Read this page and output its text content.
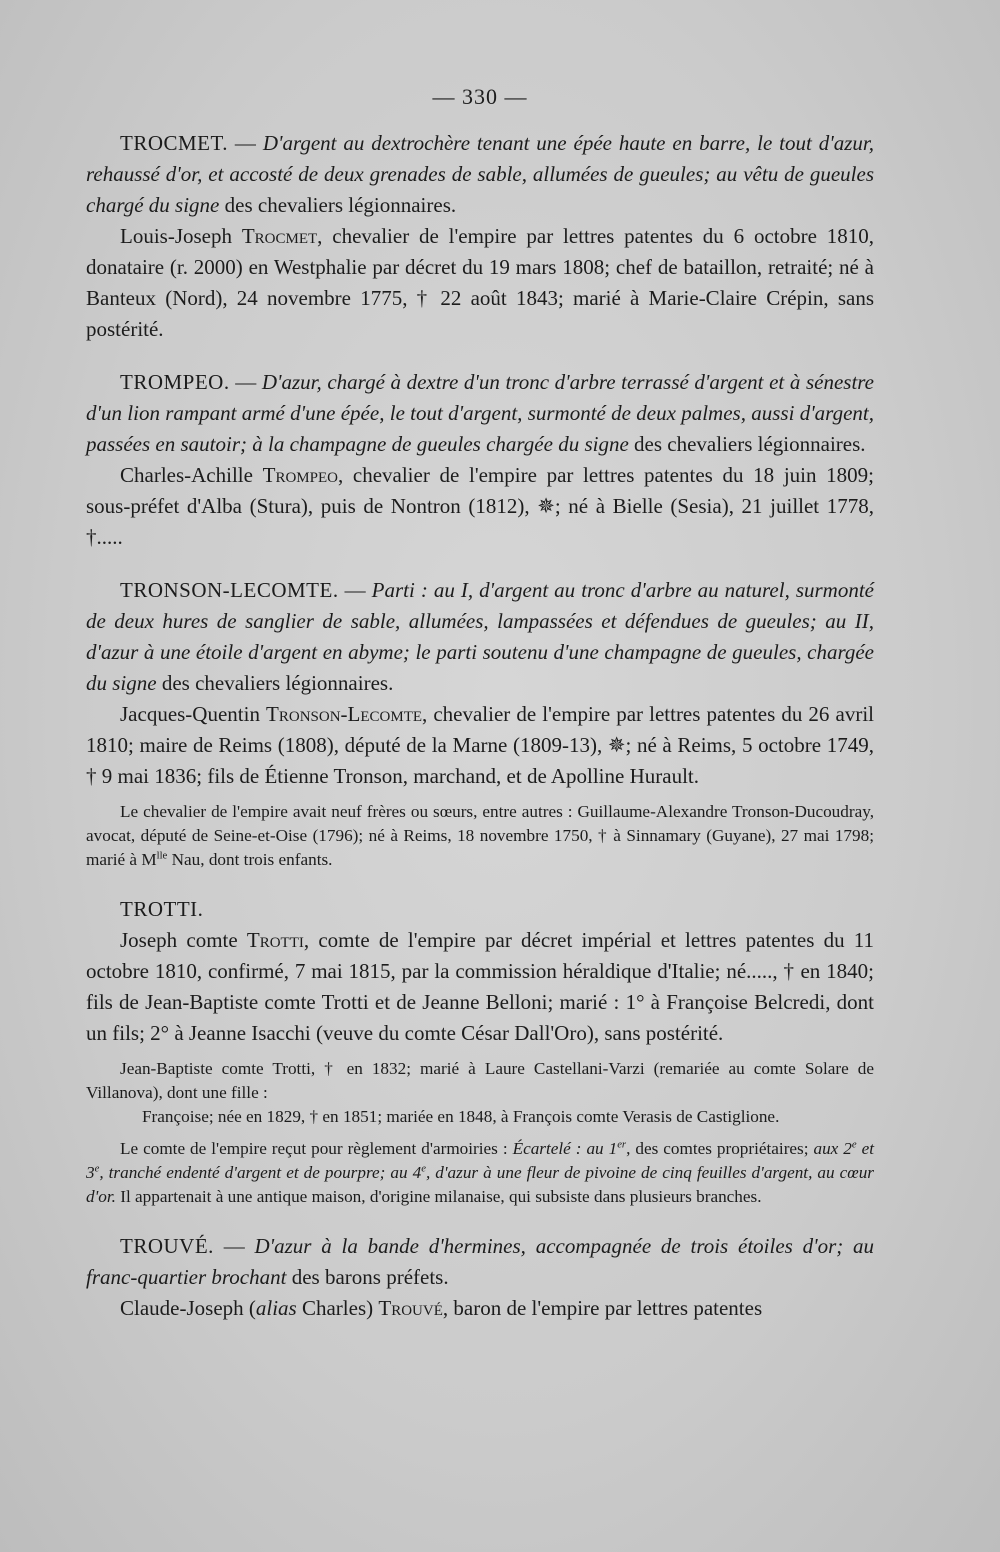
— 330 —

TROCMET. — D'argent au dextrochère tenant une épée haute en barre, le tout d'azur, rehaussé d'or, et accosté de deux grenades de sable, allumées de gueules; au vêtu de gueules chargé du signe des chevaliers légionnaires.

Louis-Joseph Trocmet, chevalier de l'empire par lettres patentes du 6 octobre 1810, donataire (r. 2000) en Westphalie par décret du 19 mars 1808; chef de bataillon, retraité; né à Banteux (Nord), 24 novembre 1775, † 22 août 1843; marié à Marie-Claire Crépin, sans postérité.

TROMPEO. — D'azur, chargé à dextre d'un tronc d'arbre terrassé d'argent et à sénestre d'un lion rampant armé d'une épée, le tout d'argent, surmonté de deux palmes, aussi d'argent, passées en sautoir; à la champagne de gueules chargée du signe des chevaliers légionnaires.

Charles-Achille Trompeo, chevalier de l'empire par lettres patentes du 18 juin 1809; sous-préfet d'Alba (Stura), puis de Nontron (1812), ✵; né à Bielle (Sesia), 21 juillet 1778, †.....

TRONSON-LECOMTE. — Parti : au I, d'argent au tronc d'arbre au naturel, surmonté de deux hures de sanglier de sable, allumées, lampassées et défendues de gueules; au II, d'azur à une étoile d'argent en abyme; le parti soutenu d'une champagne de gueules, chargée du signe des chevaliers légionnaires.

Jacques-Quentin Tronson-Lecomte, chevalier de l'empire par lettres patentes du 26 avril 1810; maire de Reims (1808), député de la Marne (1809-13), ✵; né à Reims, 5 octobre 1749, † 9 mai 1836; fils de Étienne Tronson, marchand, et de Apolline Hurault.

Le chevalier de l'empire avait neuf frères ou sœurs, entre autres : Guillaume-Alexandre Tronson-Ducoudray, avocat, député de Seine-et-Oise (1796); né à Reims, 18 novembre 1750, † à Sinnamary (Guyane), 27 mai 1798; marié à $M^{lle}$ Nau, dont trois enfants.

TROTTI.

Joseph comte Trotti, comte de l'empire par décret impérial et lettres patentes du 11 octobre 1810, confirmé, 7 mai 1815, par la commission héraldique d'Italie; né....., † en 1840; fils de Jean-Baptiste comte Trotti et de Jeanne Belloni; marié : 1° à Françoise Belcredi, dont un fils; 2° à Jeanne Isacchi (veuve du comte César Dall'Oro), sans postérité.

Jean-Baptiste comte Trotti, † en 1832; marié à Laure Castellani-Varzi (remariée au comte Solare de Villanova), dont une fille :

Françoise; née en 1829, † en 1851; mariée en 1848, à François comte Verasis de Castiglione.

Le comte de l'empire reçut pour règlement d'armoiries : Écartelé : au 1er, des comtes propriétaires; aux 2e et 3e, tranché endenté d'argent et de pourpre; au 4e, d'azur à une fleur de pivoine de cinq feuilles d'argent, au cœur d'or. Il appartenait à une antique maison, d'origine milanaise, qui subsiste dans plusieurs branches.

TROUVÉ. — D'azur à la bande d'hermines, accompagnée de trois étoiles d'or; au franc-quartier brochant des barons préfets.

Claude-Joseph (alias Charles) Trouvé, baron de l'empire par lettres patentes
